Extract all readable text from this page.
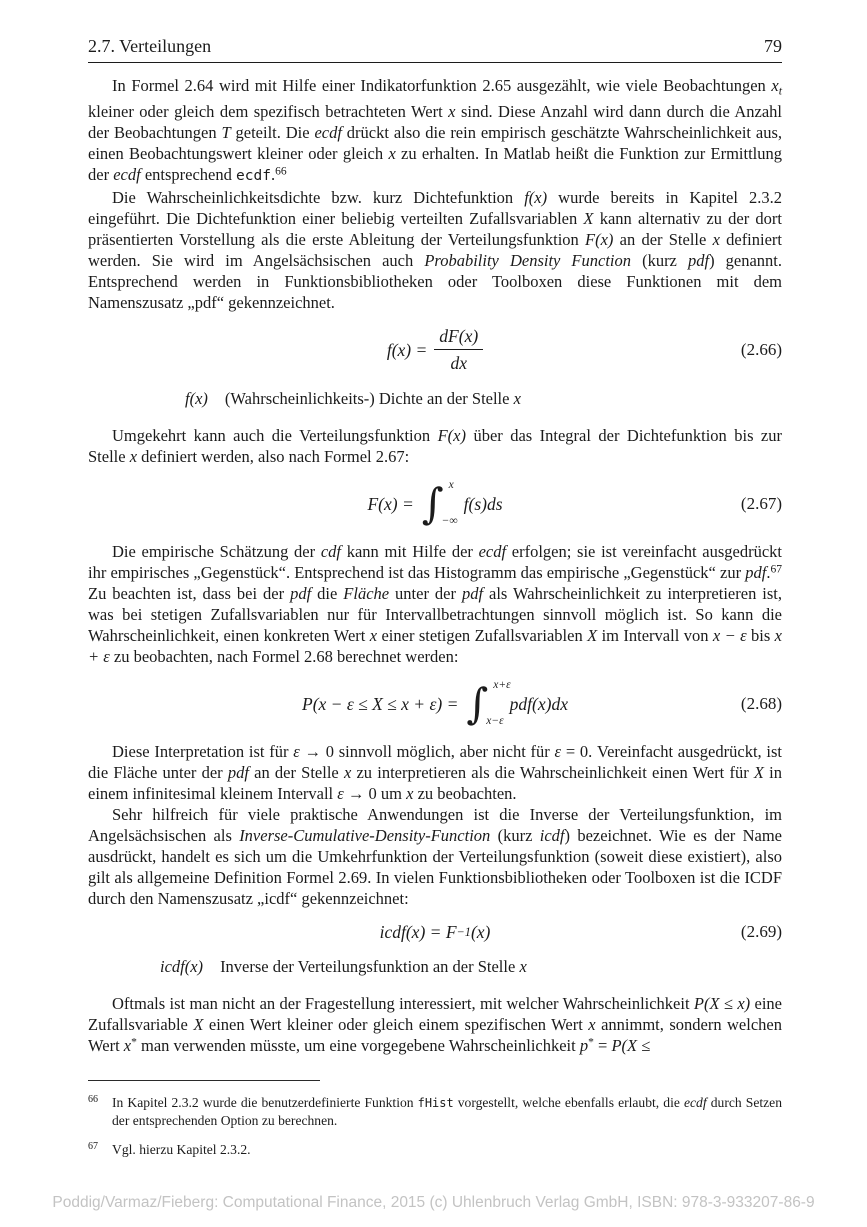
2.7. Verteilungen	79

In Formel 2.64 wird mit Hilfe einer Indikatorfunktion 2.65 ausgezählt, wie viele Beobachtungen $x_t$ kleiner oder gleich dem spezifisch betrachteten Wert x sind. Diese Anzahl wird dann durch die Anzahl der Beobachtungen T geteilt. Die ecdf drückt also die rein empirisch geschätzte Wahrscheinlichkeit aus, einen Beobachtungswert kleiner oder gleich x zu erhalten. In Matlab heißt die Funktion zur Ermittlung der ecdf entsprechend ecdf.$^{66}$

Die Wahrscheinlichkeitsdichte bzw. kurz Dichtefunktion f(x) wurde bereits in Kapitel 2.3.2 eingeführt. Die Dichtefunktion einer beliebig verteilten Zufallsvariablen X kann alternativ zu der dort präsentierten Vorstellung als die erste Ableitung der Verteilungsfunktion F(x) an der Stelle x definiert werden. Sie wird im Angelsächsischen auch Probability Density Function (kurz pdf) genannt. Entsprechend werden in Funktionsbibliotheken oder Toolboxen diese Funktionen mit dem Namenszusatz „pdf“ gekennzeichnet.

$f(x) = \frac{dF(x)}{dx}$	(2.66)
f(x) (Wahrscheinlichkeits-) Dichte an der Stelle x

Umgekehrt kann auch die Verteilungsfunktion F(x) über das Integral der Dichtefunktion bis zur Stelle x definiert werden, also nach Formel 2.67:

F(x) = ∫ x
−∞
f(s)ds	(2.67)

Die empirische Schätzung der cdf kann mit Hilfe der ecdf erfolgen; sie ist vereinfacht ausgedrückt ihr empirisches „Gegenstück“. Entsprechend ist das Histogramm das empirische „Gegenstück“ zur pdf.$^{67}$ Zu beachten ist, dass bei der pdf die Fläche unter der pdf als Wahrscheinlichkeit zu interpretieren ist, was bei stetigen Zufallsvariablen nur für Intervallbetrachtungen sinnvoll möglich ist. So kann die Wahrscheinlichkeit, einen konkreten Wert x einer stetigen Zufallsvariablen X im Intervall von x − ε bis x + ε zu beobachten, nach Formel 2.68 berechnet werden:

P(x − ε ≤ X ≤ x + ε) = ∫ x+ε
x−ε
pdf(x)dx	(2.68)

Diese Interpretation ist für ε → 0 sinnvoll möglich, aber nicht für ε = 0. Vereinfacht ausgedrückt, ist die Fläche unter der pdf an der Stelle x zu interpretieren als die Wahrscheinlichkeit einen Wert für X in einem infinitesimal kleinem Intervall ε → 0 um x zu beobachten.

Sehr hilfreich für viele praktische Anwendungen ist die Inverse der Verteilungsfunktion, im Angelsächsischen als Inverse-Cumulative-Density-Function (kurz icdf) bezeichnet. Wie es der Name ausdrückt, handelt es sich um die Umkehrfunktion der Verteilungsfunktion (soweit diese existiert), also gilt als allgemeine Definition Formel 2.69. In vielen Funktionsbibliotheken oder Toolboxen ist die ICDF durch den Namenszusatz „icdf“ gekennzeichnet:

icdf(x) = F −1 (x)	(2.69)
icdf(x) Inverse der Verteilungsfunktion an der Stelle x

Oftmals ist man nicht an der Fragestellung interessiert, mit welcher Wahrscheinlichkeit P(X ≤ x) eine Zufallsvariable X einen Wert kleiner oder gleich einem spezifischen Wert x annimmt, sondern welchen Wert x* man verwenden müsste, um eine vorgegebene Wahrscheinlichkeit p* = P(X ≤

66	In Kapitel 2.3.2 wurde die benutzerdefinierte Funktion fHist vorgestellt, welche ebenfalls erlaubt, die ecdf durch Setzen der entsprechenden Option zu berechnen.
67	Vgl. hierzu Kapitel 2.3.2.
Poddig/Varmaz/Fieberg: Computational Finance, 2015 (c) Uhlenbruch Verlag GmbH, ISBN: 978-3-933207-86-9
